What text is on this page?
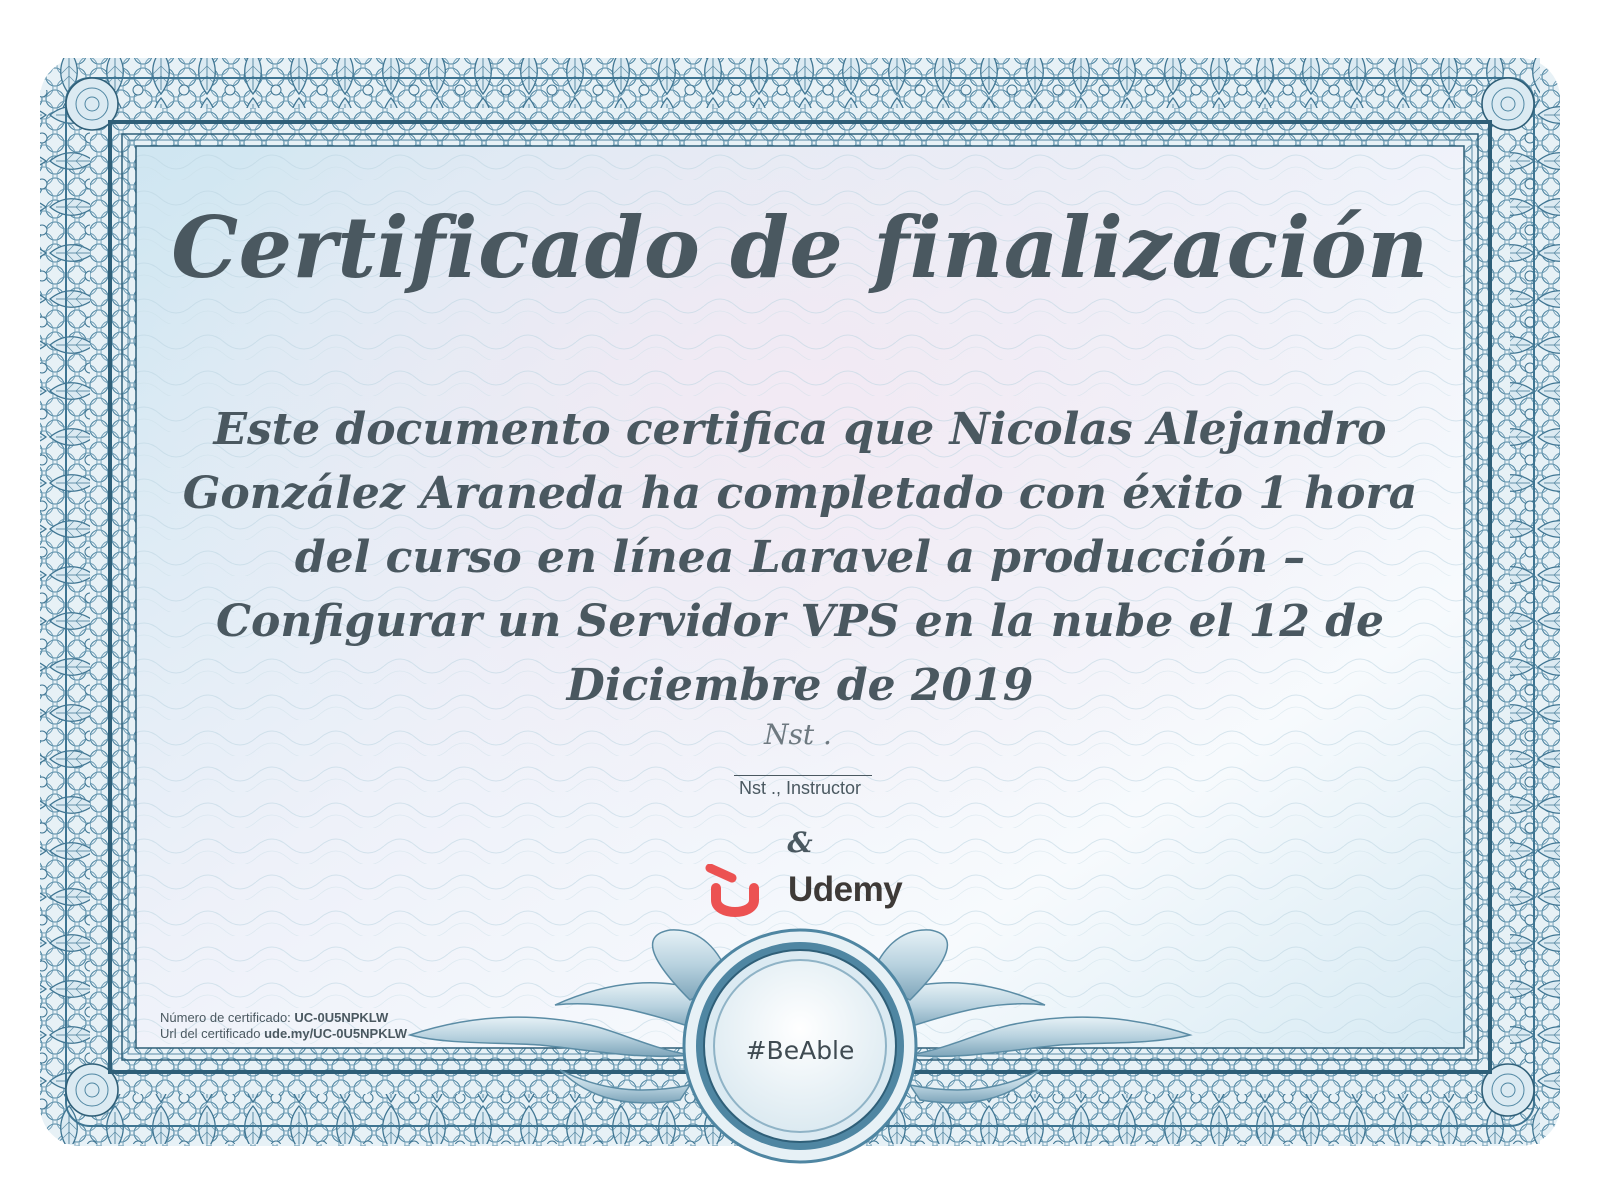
Certificado de finalización

Este documento certifica que Nicolas Alejandro González Araneda ha completado con éxito 1 hora del curso en línea Laravel a producción – Configurar un Servidor VPS en la nube el 12 de Diciembre de 2019

Nst .
Nst ., Instructor
&
Udemy
Número de certificado: UC-0U5NPKLW
Url del certificado ude.my/UC-0U5NPKLW
#BeAble
